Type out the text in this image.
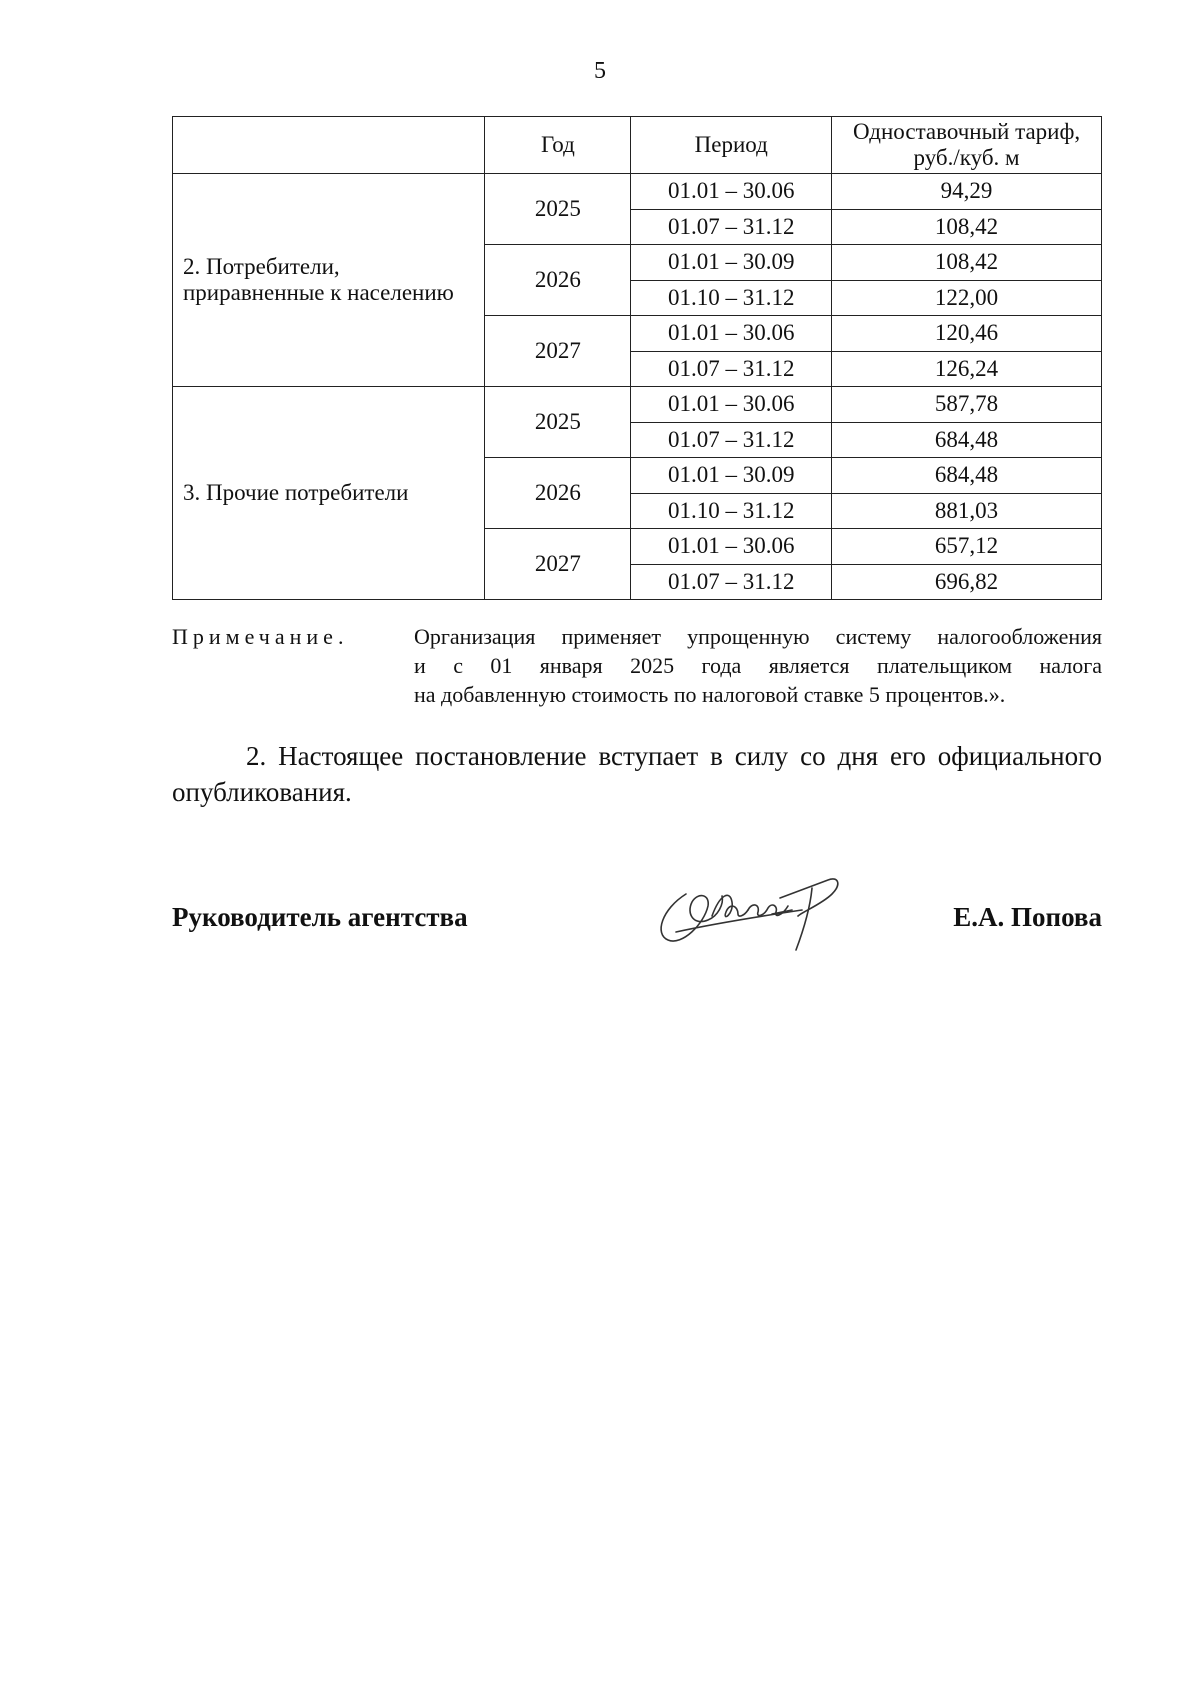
5
	Год	Период	Одноставочный тариф,
руб./куб. м
2. Потребители,
приравненные к населению	2025	01.01 – 30.06	94,29
		01.07 – 31.12	108,42
	2026	01.01 – 30.09	108,42
		01.10 – 31.12	122,00
	2027	01.01 – 30.06	120,46
		01.07 – 31.12	126,24
3. Прочие потребители	2025	01.01 – 30.06	587,78
		01.07 – 31.12	684,48
	2026	01.01 – 30.09	684,48
		01.10 – 31.12	881,03
	2027	01.01 – 30.06	657,12
		01.07 – 31.12	696,82
Примечание.	Организация применяет упрощенную систему налогообложения
и с 01 января 2025 года является плательщиком налога
на добавленную стоимость по налоговой ставке 5 процентов.».
2. Настоящее постановление вступает в силу со дня его официального
опубликования.
Руководитель агентства	Е.А. Попова
